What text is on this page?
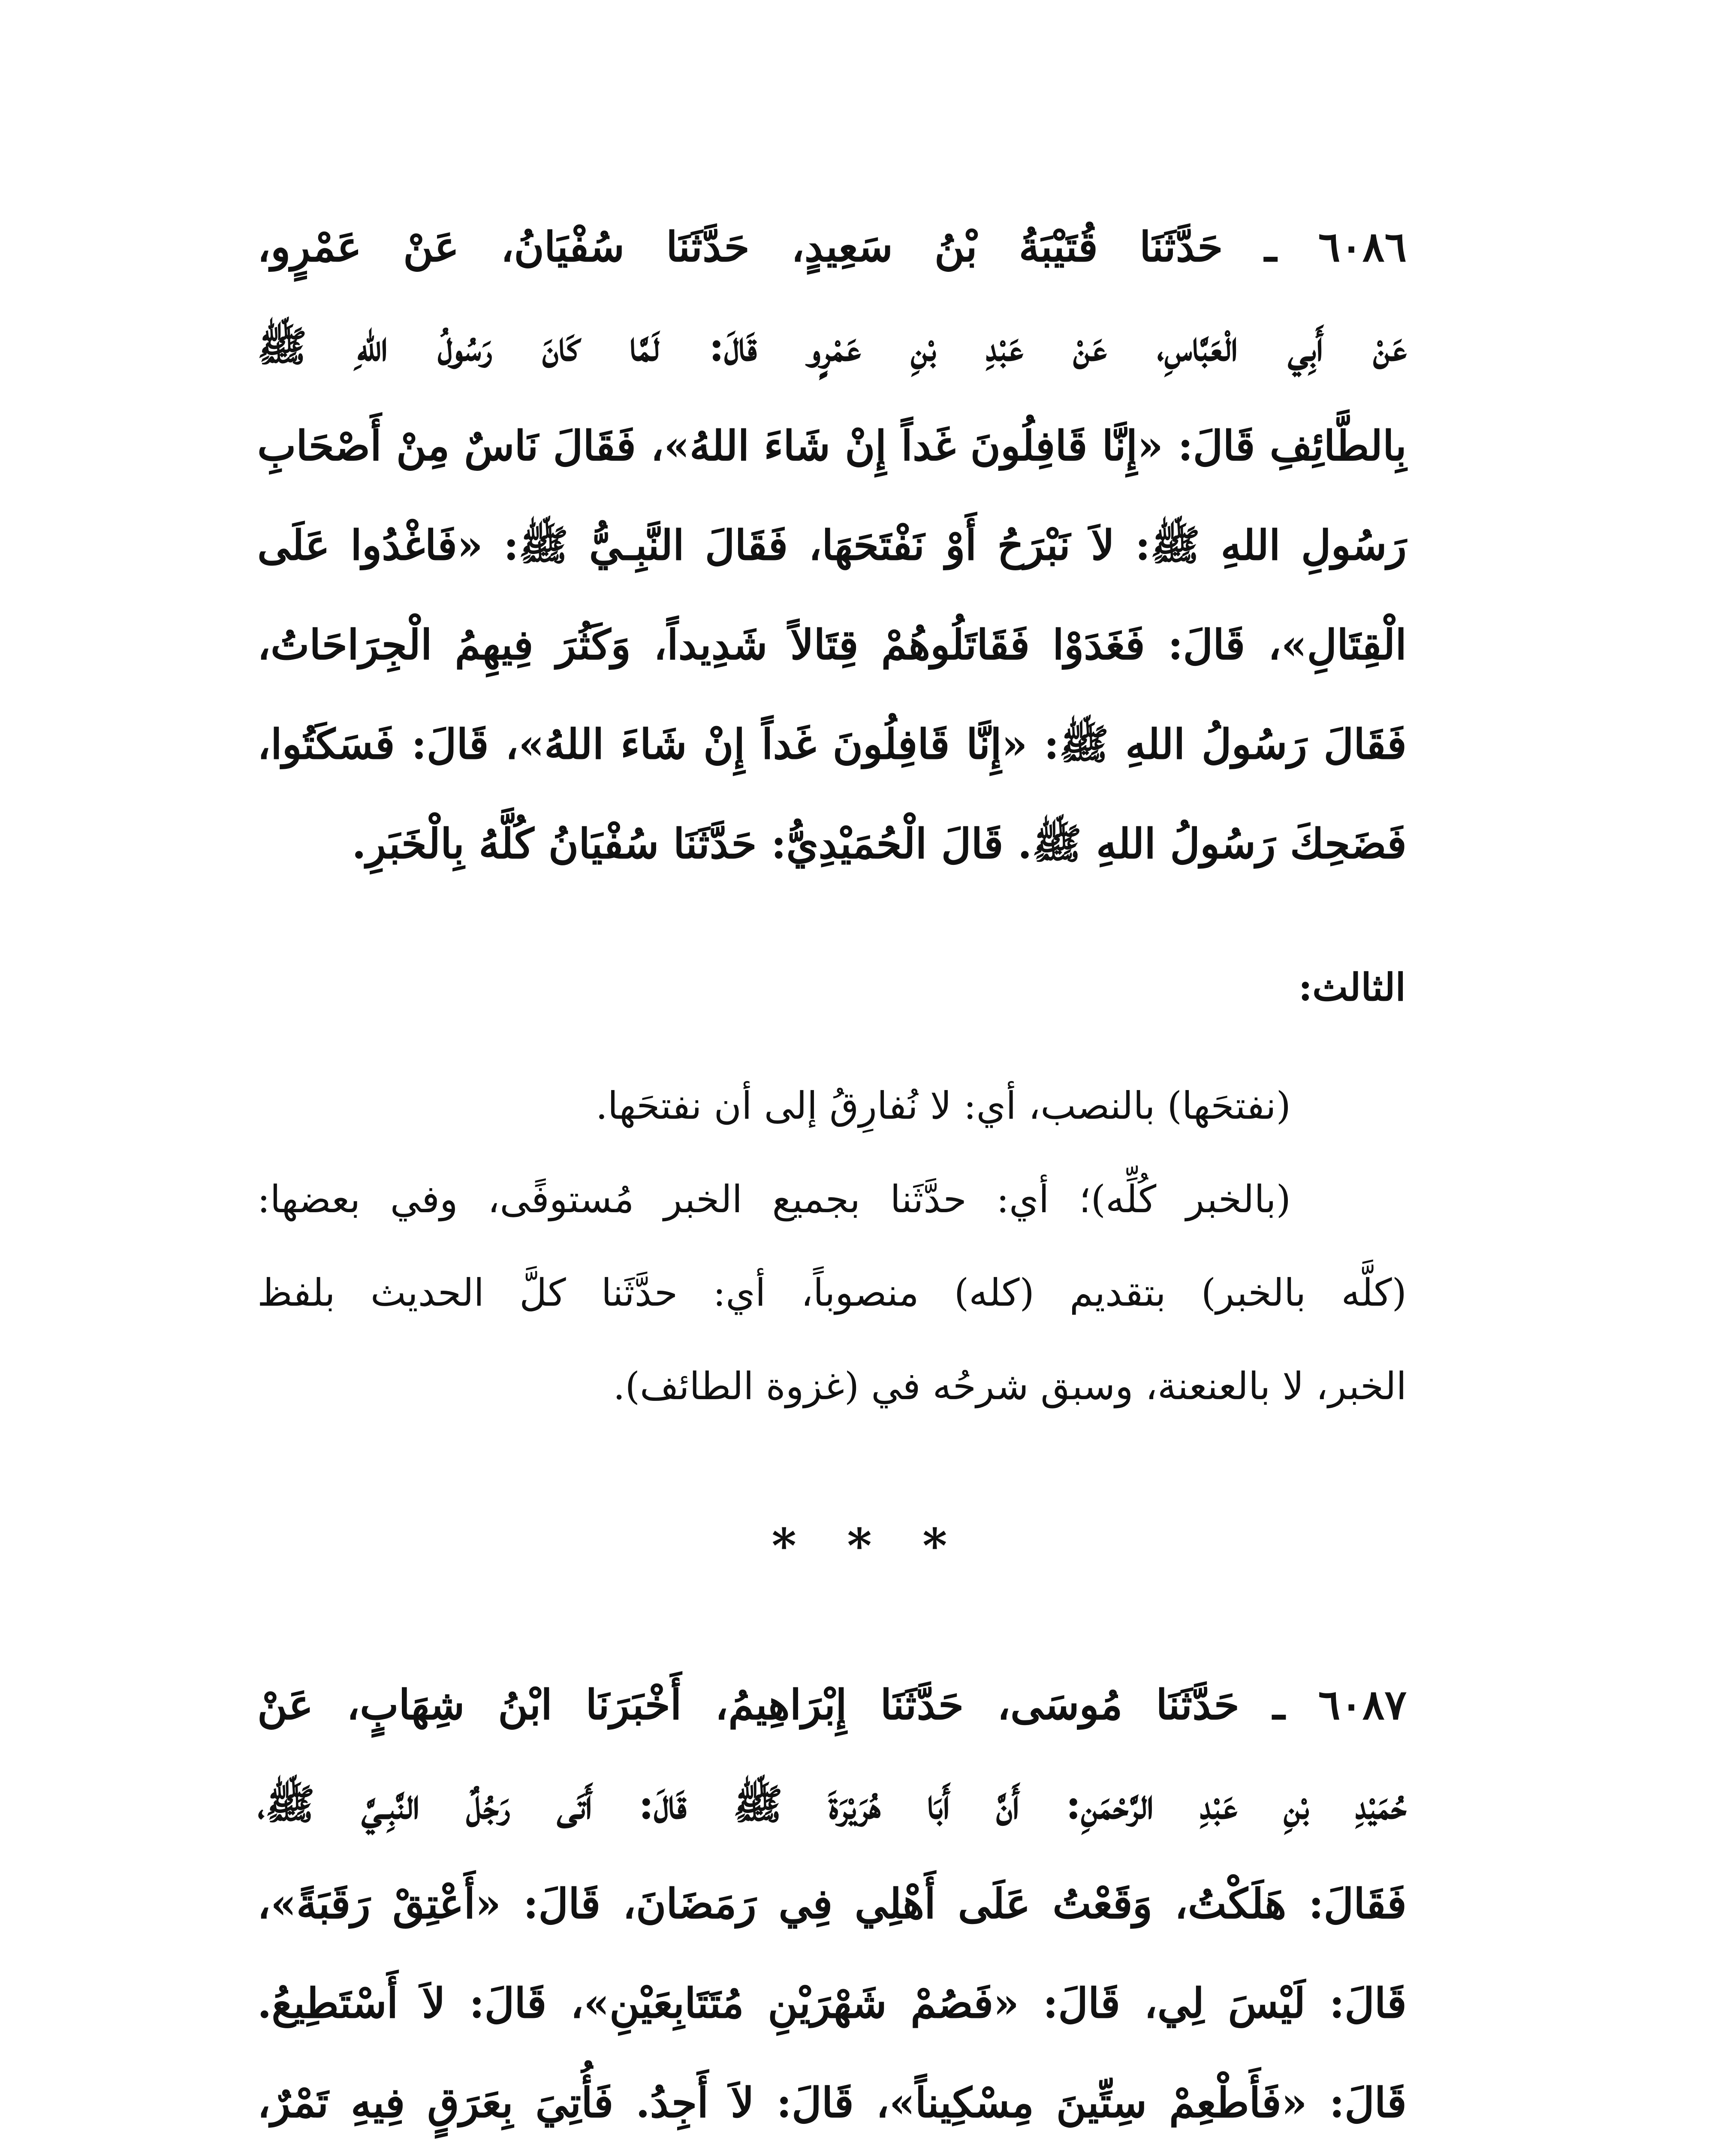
٦٠٨٦ ـ حَدَّثَنَا قُتَيْبَةُ بْنُ سَعِيدٍ، حَدَّثَنَا سُفْيَانُ، عَنْ عَمْرٍو،
عَنْ أَبِي الْعَبَّاسِ، عَنْ عَبْدِ بْنِ عَمْرٍو قَالَ: لَمَّا كَانَ رَسُولُ اللهِ ﷺ
بِالطَّائِفِ قَالَ: «إِنَّا قَافِلُونَ غَداً إِنْ شَاءَ اللهُ»، فَقَالَ نَاسٌ مِنْ أَصْحَابِ
رَسُولِ اللهِ ﷺ: لاَ نَبْرَحُ أَوْ نَفْتَحَهَا، فَقَالَ النَّبِـيُّ ﷺ: «فَاغْدُوا عَلَى
الْقِتَالِ»، قَالَ: فَغَدَوْا فَقَاتَلُوهُمْ قِتَالاً شَدِيداً، وَكَثُرَ فِيهِمُ الْجِرَاحَاتُ،
فَقَالَ رَسُولُ اللهِ ﷺ: «إِنَّا قَافِلُونَ غَداً إِنْ شَاءَ اللهُ»، قَالَ: فَسَكَتُوا،
فَضَحِكَ رَسُولُ اللهِ ﷺ. قَالَ الْحُمَيْدِيُّ: حَدَّثَنَا سُفْيَانُ كُلَّهُ بِالْخَبَرِ.
الثالث:
(نفتحَها) بالنصب، أي: لا نُفارِقُ إلى أن نفتحَها.
(بالخبر كُلِّه)؛ أي: حدَّثَنا بجميع الخبر مُستوفًى، وفي بعضها:
(كلَّه بالخبر) بتقديم (كله) منصوباً، أي: حدَّثَنا كلَّ الحديث بلفظ
الخبر، لا بالعنعنة، وسبق شرحُه في (غزوة الطائف).
* * *
٦٠٨٧ ـ حَدَّثَنَا مُوسَى، حَدَّثَنَا إِبْرَاهِيمُ، أَخْبَرَنَا ابْنُ شِهَابٍ، عَنْ
حُمَيْدِ بْنِ عَبْدِ الرَّحْمَنِ: أَنَّ أَبَا هُرَيْرَةَ ﷺ قَالَ: أَتَى رَجُلٌ النَّبِـيَّ ﷺ،
فَقَالَ: هَلَكْتُ، وَقَعْتُ عَلَى أَهْلِي فِي رَمَضَانَ، قَالَ: «أَعْتِقْ رَقَبَةً»،
قَالَ: لَيْسَ لِي، قَالَ: «فَصُمْ شَهْرَيْنِ مُتَتَابِعَيْنِ»، قَالَ: لاَ أَسْتَطِيعُ.
قَالَ: «فَأَطْعِمْ سِتِّينَ مِسْكِيناً»، قَالَ: لاَ أَجِدُ. فَأُتِيَ بِعَرَقٍ فِيهِ تَمْرٌ،
